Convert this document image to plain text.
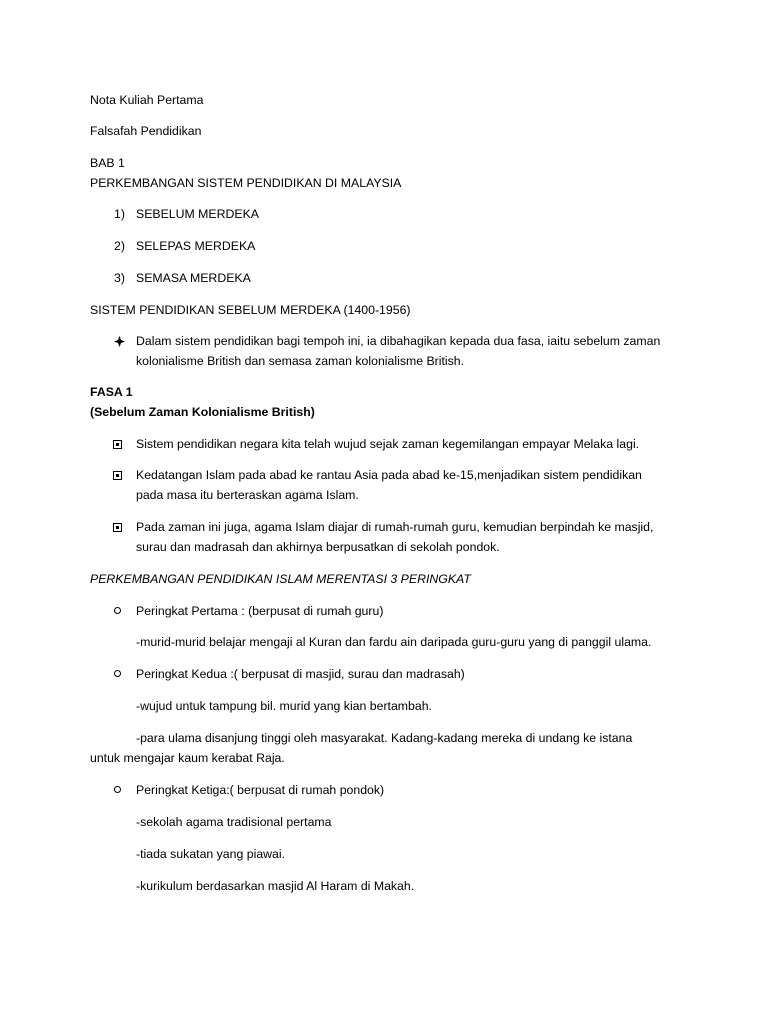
Nota Kuliah Pertama
Falsafah Pendidikan
BAB 1
PERKEMBANGAN SISTEM PENDIDIKAN DI MALAYSIA
1) SEBELUM MERDEKA
2) SELEPAS MERDEKA
3) SEMASA MERDEKA
SISTEM PENDIDIKAN SEBELUM MERDEKA (1400-1956)
Dalam sistem pendidikan bagi tempoh ini, ia dibahagikan kepada dua fasa, iaitu sebelum zaman
kolonialisme British dan semasa zaman kolonialisme British.
FASA 1
(Sebelum Zaman Kolonialisme British)
Sistem pendidikan negara kita telah wujud sejak zaman kegemilangan empayar Melaka lagi.
Kedatangan Islam pada abad ke rantau Asia pada abad ke-15,menjadikan sistem pendidikan
pada masa itu berteraskan agama Islam.
Pada zaman ini juga, agama Islam diajar di rumah-rumah guru, kemudian berpindah ke masjid,
surau dan madrasah dan akhirnya berpusatkan di sekolah pondok.
PERKEMBANGAN PENDIDIKAN ISLAM MERENTASI 3 PERINGKAT
Peringkat Pertama : (berpusat di rumah guru)
-murid-murid belajar mengaji al Kuran dan fardu ain daripada guru-guru yang di panggil ulama.
Peringkat Kedua :( berpusat di masjid, surau dan madrasah)
-wujud untuk tampung bil. murid yang kian bertambah.
-para ulama disanjung tinggi oleh masyarakat. Kadang-kadang mereka di undang ke istana
untuk mengajar kaum kerabat Raja.
Peringkat Ketiga:( berpusat di rumah pondok)
-sekolah agama tradisional pertama
-tiada sukatan yang piawai.
-kurikulum berdasarkan masjid Al Haram di Makah.
